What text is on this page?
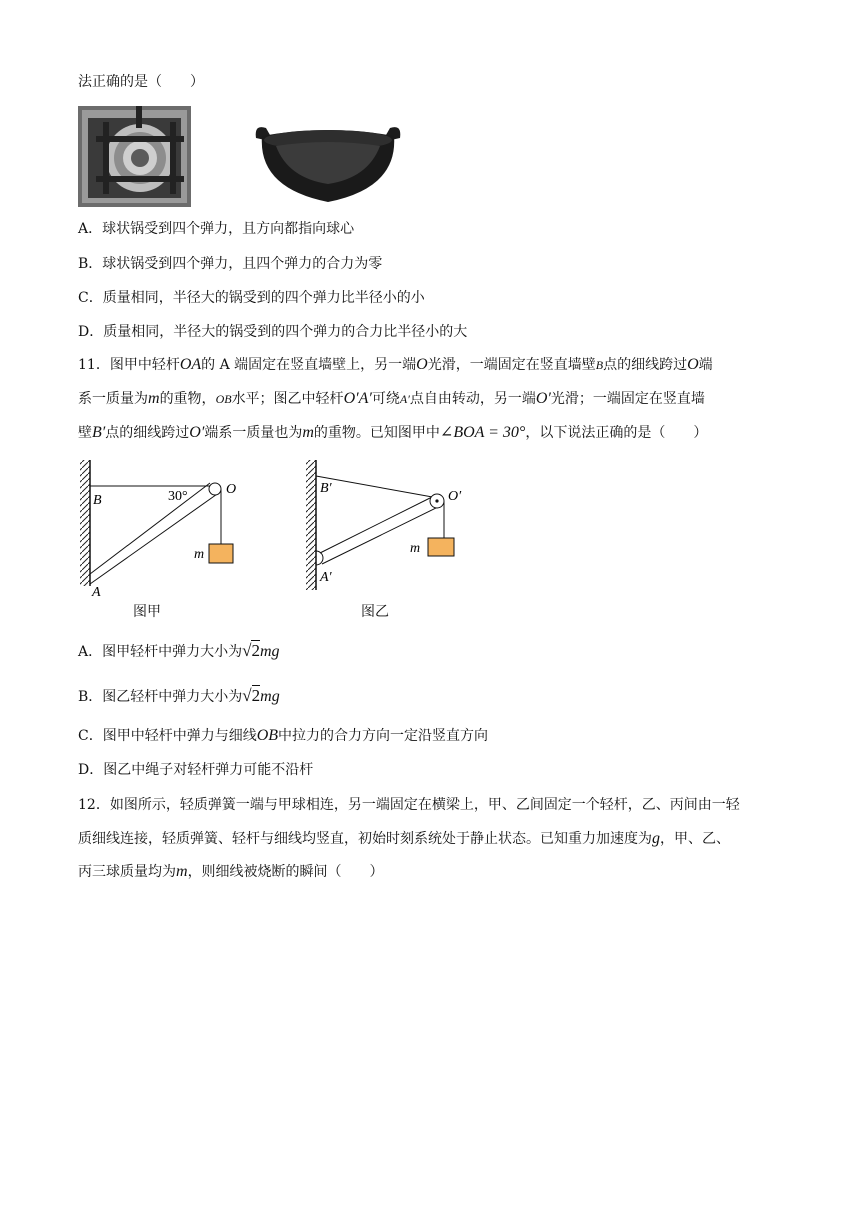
法正确的是（　　）
A．球状锅受到四个弹力，且方向都指向球心
B．球状锅受到四个弹力，且四个弹力的合力为零
C．质量相同，半径大的锅受到的四个弹力比半径小的小
D．质量相同，半径大的锅受到的四个弹力的合力比半径小的大
11．图甲中轻杆OA的 A 端固定在竖直墙壁上，另一端O光滑，一端固定在竖直墙壁B点的细线跨过O端
系一质量为m的重物，OB水平；图乙中轻杆O′A′可绕A′点自由转动，另一端O′光滑；一端固定在竖直墙
壁B′点的细线跨过O′端系一质量也为m的重物。已知图甲中∠BOA = 30°，以下说法正确的是（　　）
B	30°	O
m
A
图甲
B′
O′
m
A′
图乙
A．图甲轻杆中弹力大小为√2mg
B．图乙轻杆中弹力大小为√2mg
C．图甲中轻杆中弹力与细线OB中拉力的合力方向一定沿竖直方向
D．图乙中绳子对轻杆弹力可能不沿杆
12．如图所示，轻质弹簧一端与甲球相连，另一端固定在横梁上，甲、乙间固定一个轻杆，乙、丙间由一轻
质细线连接，轻质弹簧、轻杆与细线均竖直，初始时刻系统处于静止状态。已知重力加速度为g，甲、乙、
丙三球质量均为m，则细线被烧断的瞬间（　　）
